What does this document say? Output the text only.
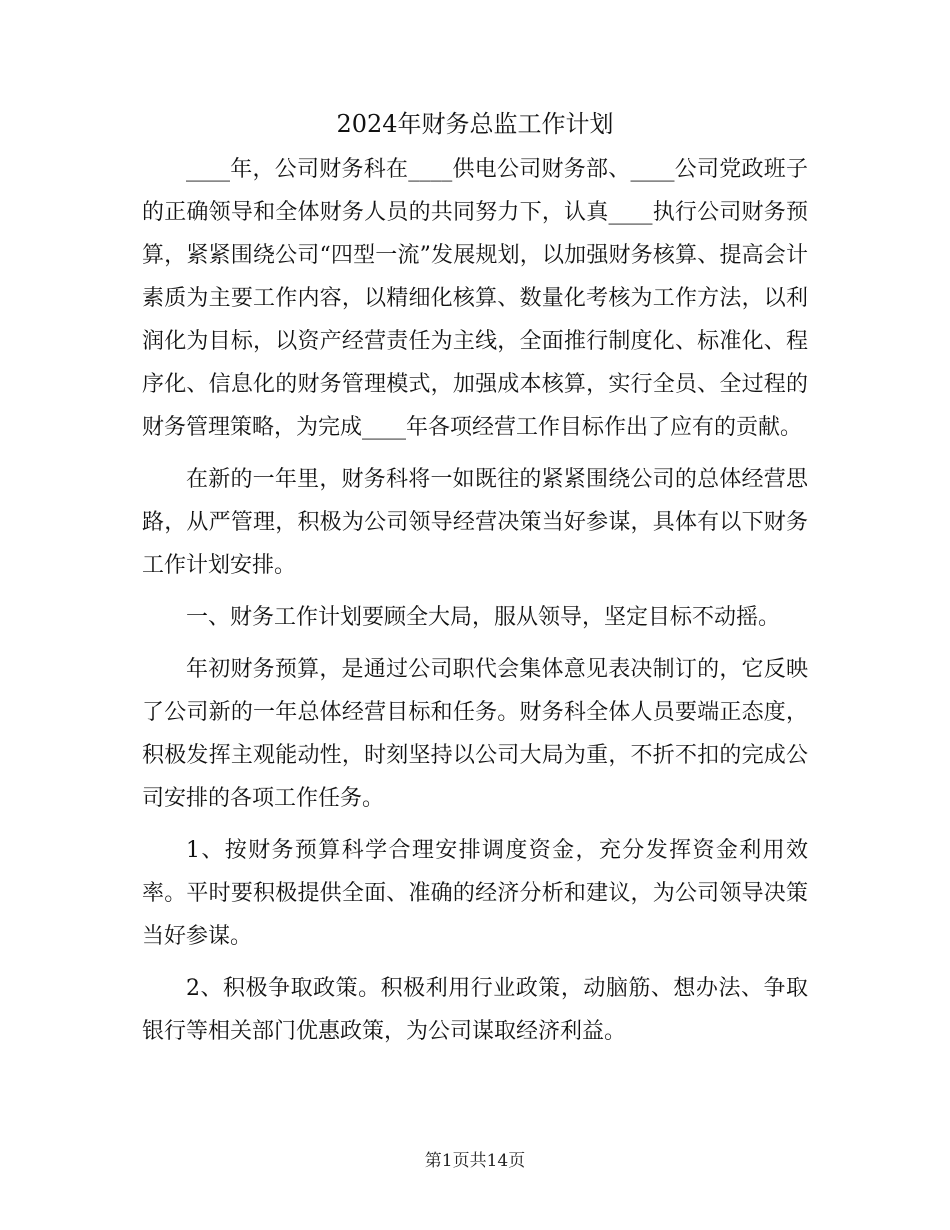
2024年财务总监工作计划

____年，公司财务科在____供电公司财务部、____公司党政班子的正确领导和全体财务人员的共同努力下，认真____执行公司财务预算，紧紧围绕公司“四型一流”发展规划，以加强财务核算、提高会计素质为主要工作内容，以精细化核算、数量化考核为工作方法，以利润化为目标，以资产经营责任为主线，全面推行制度化、标准化、程序化、信息化的财务管理模式，加强成本核算，实行全员、全过程的财务管理策略，为完成____年各项经营工作目标作出了应有的贡献。

在新的一年里，财务科将一如既往的紧紧围绕公司的总体经营思路，从严管理，积极为公司领导经营决策当好参谋，具体有以下财务工作计划安排。

一、财务工作计划要顾全大局，服从领导，坚定目标不动摇。

年初财务预算，是通过公司职代会集体意见表决制订的，它反映了公司新的一年总体经营目标和任务。财务科全体人员要端正态度，积极发挥主观能动性，时刻坚持以公司大局为重，不折不扣的完成公司安排的各项工作任务。

1、按财务预算科学合理安排调度资金，充分发挥资金利用效率。平时要积极提供全面、准确的经济分析和建议，为公司领导决策当好参谋。

2、积极争取政策。积极利用行业政策，动脑筋、想办法、争取银行等相关部门优惠政策，为公司谋取经济利益。

第1页共14页
